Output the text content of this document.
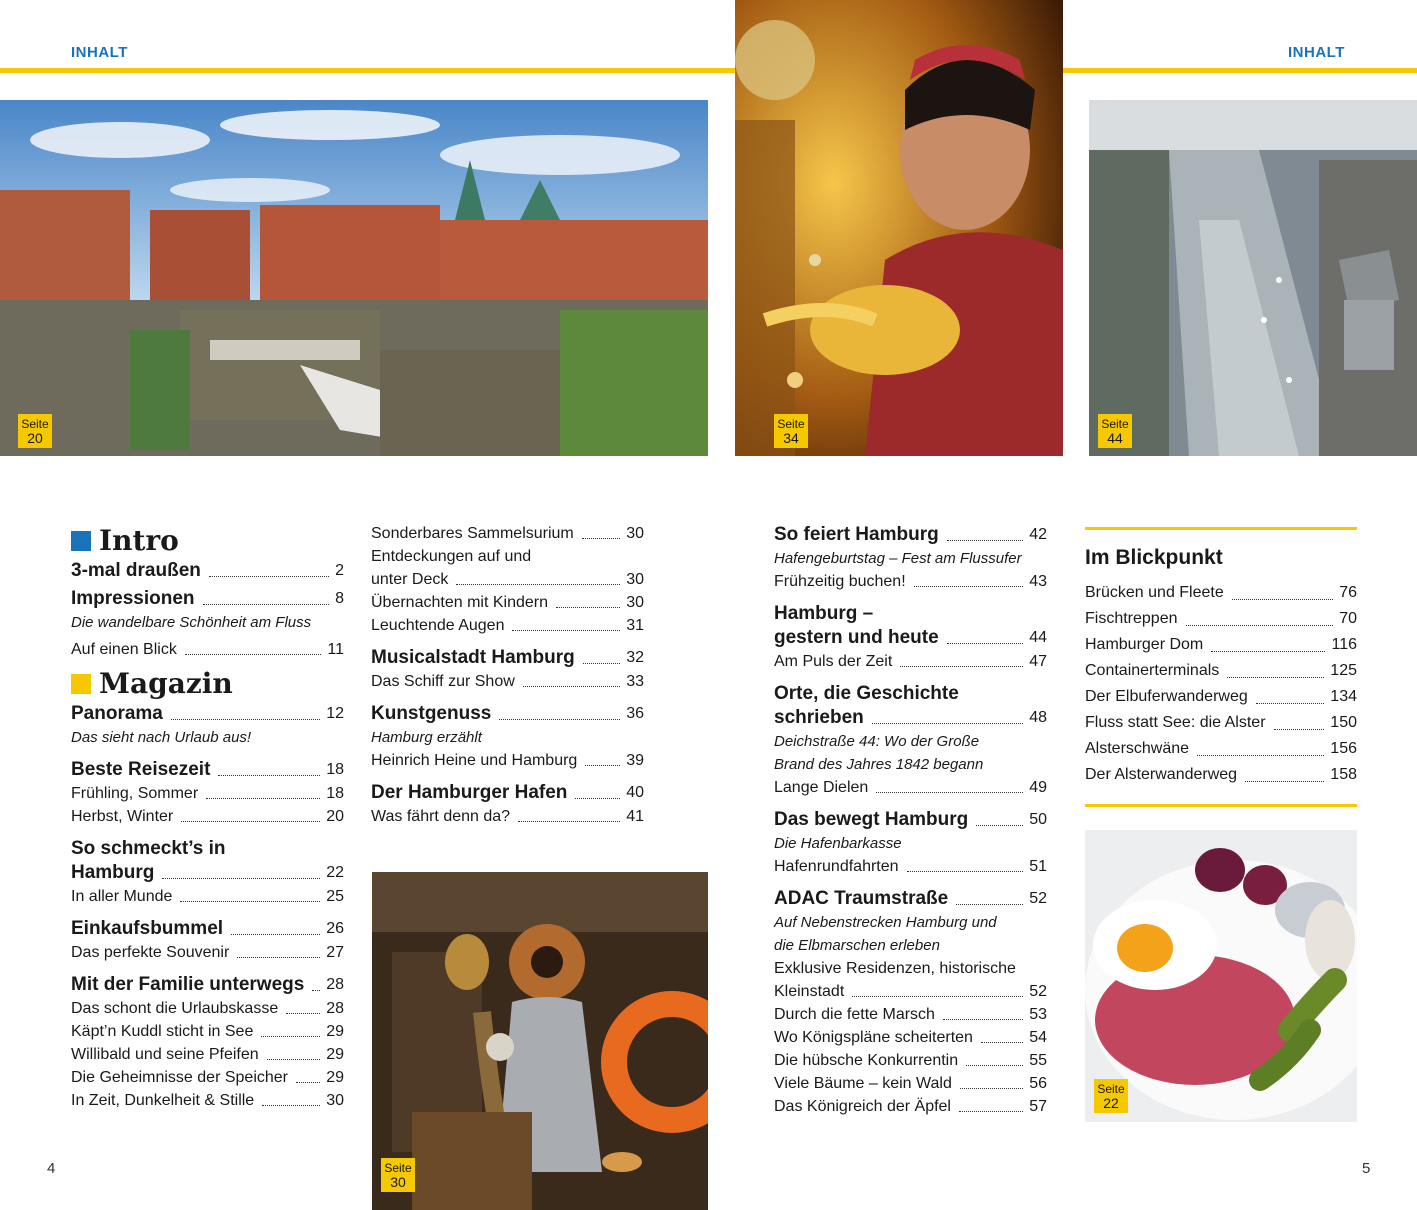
INHALT	INHALT
Seite
20
Seite
34
Seite
44
Intro
3-mal draußen	2
Impressionen	8
Die wandelbare Schönheit am Fluss
Auf einen Blick	11
Magazin
Panorama	12
Das sieht nach Urlaub aus!
Beste Reisezeit	18
Frühling, Sommer	18
Herbst, Winter	20
So schmeckt’s in
Hamburg	22
In aller Munde	25
Einkaufsbummel	26
Das perfekte Souvenir	27
Mit der Familie unterwegs 28
Das schont die Urlaubskasse	28
Käpt’n Kuddl sticht in See	29
Willibald und seine Pfeifen	29
Die Geheimnisse der Speicher 29
In Zeit, Dunkelheit & Stille	30
Sonderbares Sammelsurium	30
Entdeckungen auf und
unter Deck	30
Übernachten mit Kindern	30
Leuchtende Augen	31
Musicalstadt Hamburg	32
Das Schiff zur Show	33
Kunstgenuss	36
Hamburg erzählt
Heinrich Heine und Hamburg	39
Der Hamburger Hafen	40
Was fährt denn da?	41
Seite
30
So feiert Hamburg	42
Hafengeburtstag – Fest am Flussufer
Frühzeitig buchen!	43
Hamburg –
gestern und heute	44
Am Puls der Zeit	47
Orte, die Geschichte
schrieben	48
Deichstraße 44: Wo der Große
Brand des Jahres 1842 begann
Lange Dielen	49
Das bewegt Hamburg	50
Die Hafenbarkasse
Hafenrundfahrten	51
ADAC Traumstraße	52
Auf Nebenstrecken Hamburg und
die Elbmarschen erleben
Exklusive Residenzen, historische
Kleinstadt	52
Durch die fette Marsch	53
Wo Königspläne scheiterten	54
Die hübsche Konkurrentin	55
Viele Bäume – kein Wald	56
Das Königreich der Äpfel	57
Im Blickpunkt
Brücken und Fleete	76
Fischtreppen	70
Hamburger Dom	116
Containerterminals	125
Der Elbuferwanderweg	134
Fluss statt See: die Alster	150
Alsterschwäne	156
Der Alsterwanderweg	158
Seite
22
4	5
